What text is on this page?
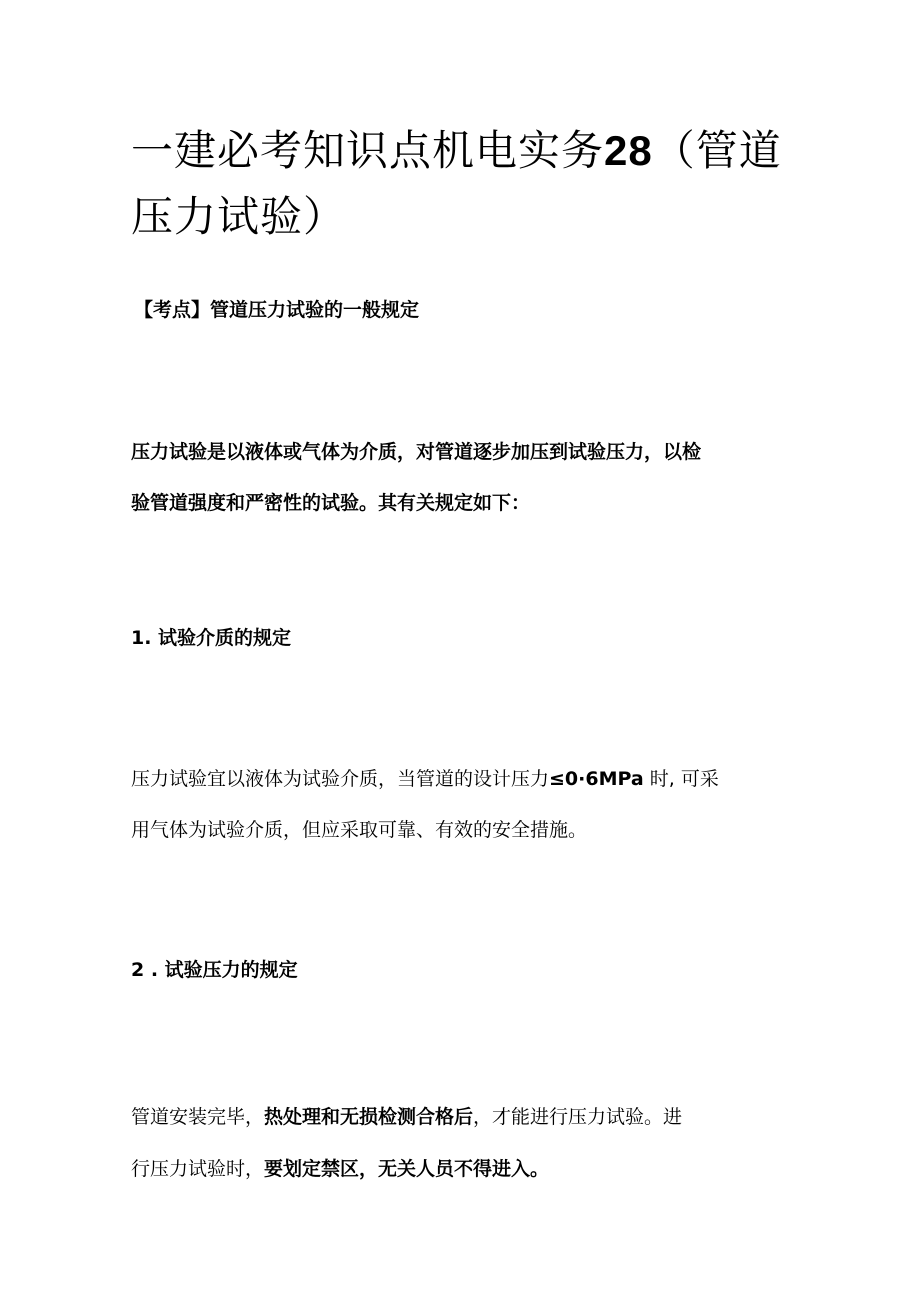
一建必考知识点机电实务28（管道
压力试验）

【考点】管道压力试验的一般规定

压力试验是以液体或气体为介质，对管道逐步加压到试验压力，以检

验管道强度和严密性的试验。其有关规定如下：

1. 试验介质的规定

压力试验宜以液体为试验介质，当管道的设计压力≤0·6MPa 时, 可采

用气体为试验介质，但应采取可靠、有效的安全措施。

2 . 试验压力的规定

管道安装完毕，热处理和无损检测合格后，才能进行压力试验。进

行压力试验时，要划定禁区，无关人员不得进入。
